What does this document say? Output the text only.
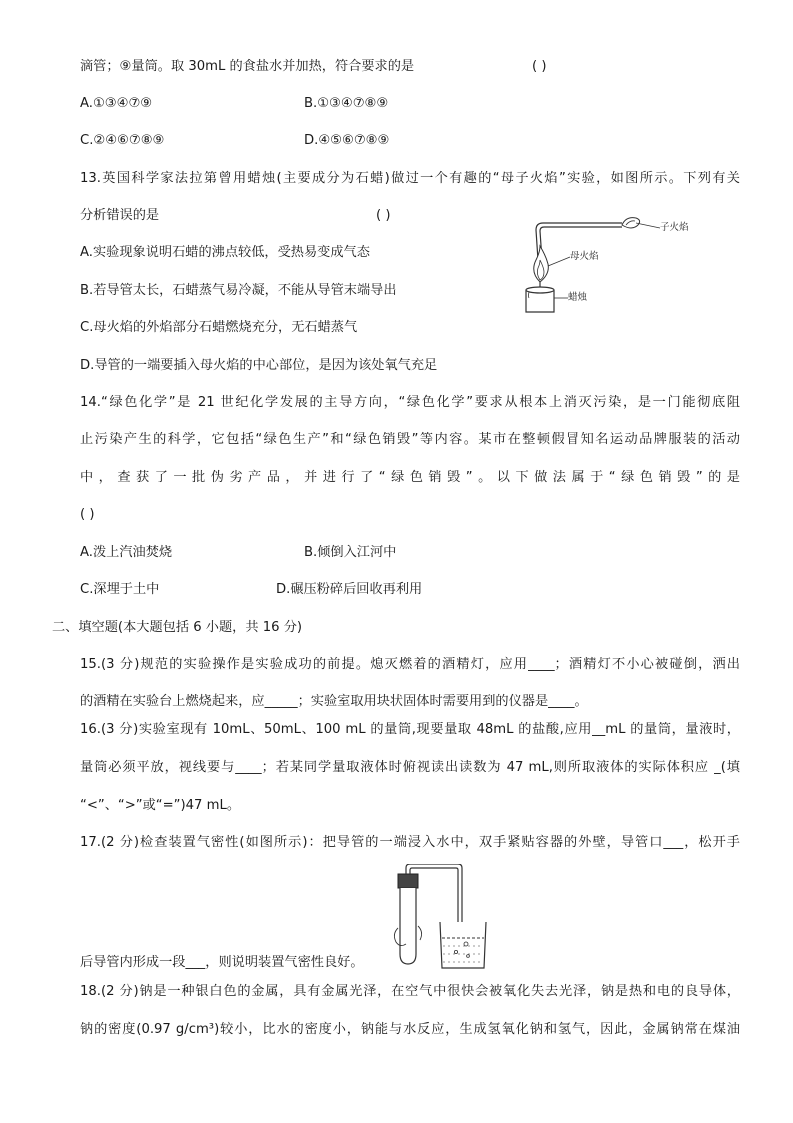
滴管；⑨量筒。取 30mL 的食盐水并加热，符合要求的是	( )
A.①③④⑦⑨	B.①③④⑦⑧⑨
C.②④⑥⑦⑧⑨	D.④⑤⑥⑦⑧⑨
13.英国科学家法拉第曾用蜡烛(主要成分为石蜡)做过一个有趣的“母子火焰”实验，如图所示。下列有关
分析错误的是	( )
A.实验现象说明石蜡的沸点较低，受热易变成气态
B.若导管太长，石蜡蒸气易冷凝，不能从导管末端导出
C.母火焰的外焰部分石蜡燃烧充分，无石蜡蒸气
D.导管的一端要插入母火焰的中心部位，是因为该处氧气充足
子火焰
母火焰
蜡烛
14.“绿色化学”是 21 世纪化学发展的主导方向，“绿色化学”要求从根本上消灭污染，是一门能彻底阻
止污染产生的科学，它包括“绿色生产”和“绿色销毁”等内容。某市在整顿假冒知名运动品牌服装的活动
中，查获了一批伪劣产品，并进行了“绿色销毁”。以下做法属于“绿色销毁”的是
( )
A.泼上汽油焚烧	B.倾倒入江河中
C.深埋于土中	D.碾压粉碎后回收再利用
二、填空题(本大题包括 6 小题，共 16 分)
15.(3 分)规范的实验操作是实验成功的前提。熄灭燃着的酒精灯，应用____；酒精灯不小心被碰倒，洒出
的酒精在实验台上燃烧起来，应_____；实验室取用块状固体时需要用到的仪器是____。
16.(3 分)实验室现有 10mL、50mL、100 mL 的量筒,现要量取 48mL 的盐酸,应用__mL 的量筒，量液时，
量筒必须平放，视线要与____；若某同学量取液体时俯视读出读数为 47 mL,则所取液体的实际体积应 _(填
“<”、“>”或“=”)47 mL。
17.(2 分)检查装置气密性(如图所示)：把导管的一端浸入水中，双手紧贴容器的外壁，导管口___，松开手
后导管内形成一段___，则说明装置气密性良好。
18.(2 分)钠是一种银白色的金属，具有金属光泽，在空气中很快会被氧化失去光泽，钠是热和电的良导体，
钠的密度(0.97 g/cm³)较小，比水的密度小，钠能与水反应，生成氢氧化钠和氢气，因此，金属钠常在煤油
